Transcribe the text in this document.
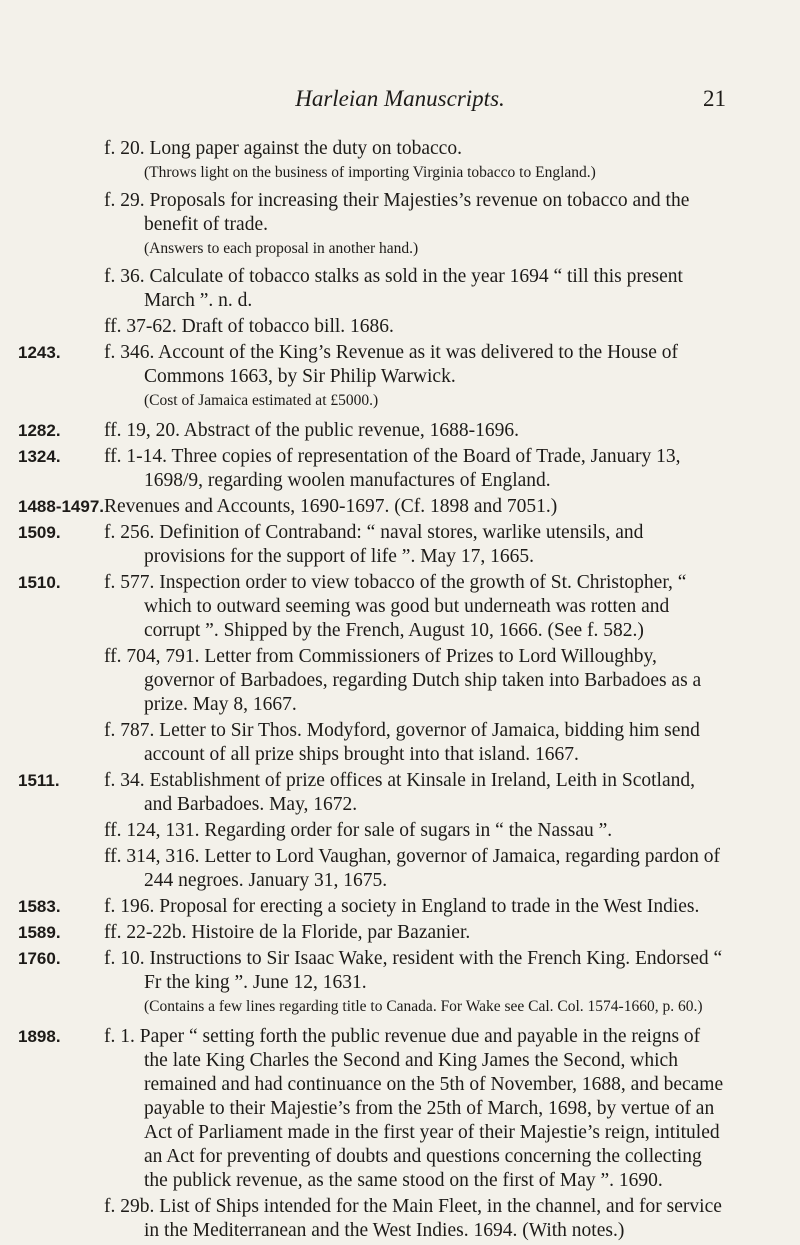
Harleian Manuscripts.	21

f. 20. Long paper against the duty on tobacco.

(Throws light on the business of importing Virginia tobacco to England.)

f. 29. Proposals for increasing their Majesties’s revenue on tobacco and the benefit of trade.

(Answers to each proposal in another hand.)

f. 36. Calculate of tobacco stalks as sold in the year 1694 “ till this present March ”. n. d.

ff. 37-62. Draft of tobacco bill. 1686.

1243. f. 346. Account of the King’s Revenue as it was delivered to the House of Commons 1663, by Sir Philip Warwick.

(Cost of Jamaica estimated at £5000.)

1282. ff. 19, 20. Abstract of the public revenue, 1688-1696.

1324. ff. 1-14. Three copies of representation of the Board of Trade, January 13, 1698/9, regarding woolen manufactures of England.

1488-1497. Revenues and Accounts, 1690-1697. (Cf. 1898 and 7051.)

1509. f. 256. Definition of Contraband: “ naval stores, warlike utensils, and provisions for the support of life ”. May 17, 1665.

1510. f. 577. Inspection order to view tobacco of the growth of St. Christopher, “ which to outward seeming was good but underneath was rotten and corrupt ”. Shipped by the French, August 10, 1666. (See f. 582.)

ff. 704, 791. Letter from Commissioners of Prizes to Lord Willoughby, governor of Barbadoes, regarding Dutch ship taken into Barbadoes as a prize. May 8, 1667.

f. 787. Letter to Sir Thos. Modyford, governor of Jamaica, bidding him send account of all prize ships brought into that island. 1667.

1511. f. 34. Establishment of prize offices at Kinsale in Ireland, Leith in Scotland, and Barbadoes. May, 1672.

ff. 124, 131. Regarding order for sale of sugars in “ the Nassau ”.

ff. 314, 316. Letter to Lord Vaughan, governor of Jamaica, regarding pardon of 244 negroes. January 31, 1675.

1583. f. 196. Proposal for erecting a society in England to trade in the West Indies.

1589. ff. 22-22b. Histoire de la Floride, par Bazanier.

1760. f. 10. Instructions to Sir Isaac Wake, resident with the French King. Endorsed “ Fr the king ”. June 12, 1631.

(Contains a few lines regarding title to Canada. For Wake see Cal. Col. 1574-1660, p. 60.)

1898. f. 1. Paper “ setting forth the public revenue due and payable in the reigns of the late King Charles the Second and King James the Second, which remained and had continuance on the 5th of November, 1688, and became payable to their Majestie’s from the 25th of March, 1698, by vertue of an Act of Parliament made in the first year of their Majestie’s reign, intituled an Act for preventing of doubts and questions concerning the collecting the publick revenue, as the same stood on the first of May ”. 1690.

f. 29b. List of Ships intended for the Main Fleet, in the channel, and for service in the Mediterranean and the West Indies. 1694. (With notes.)
